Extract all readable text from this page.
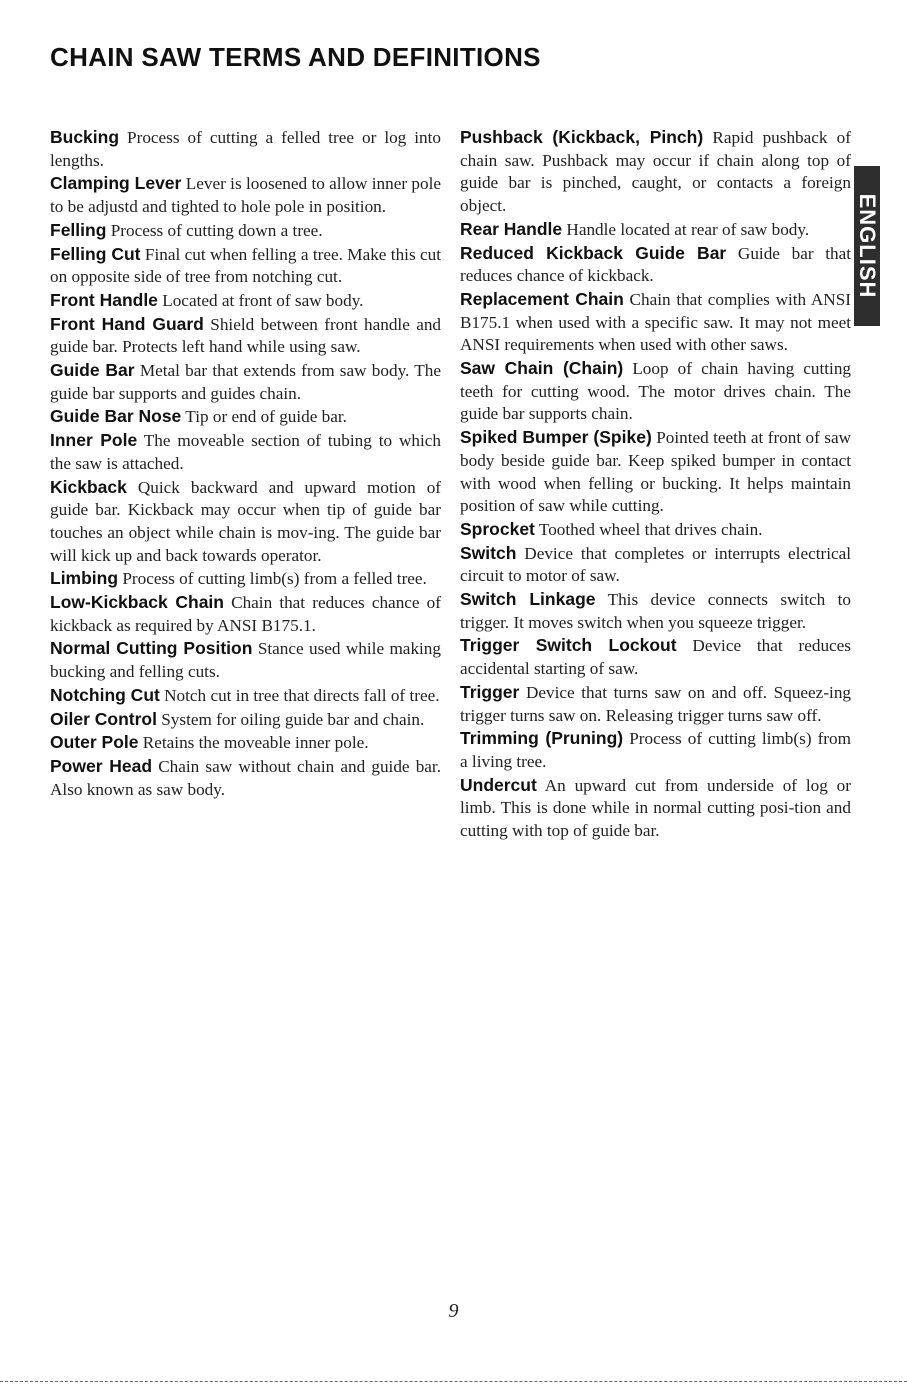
CHAIN SAW TERMS AND DEFINITIONS

Bucking Process of cutting a felled tree or log into lengths.

Clamping Lever Lever is loosened to allow inner pole to be adjustd and tighted to hole pole in position.

Felling Process of cutting down a tree.

Felling Cut Final cut when felling a tree. Make this cut on opposite side of tree from notching cut.

Front Handle Located at front of saw body.

Front Hand Guard Shield between front handle and guide bar. Protects left hand while using saw.

Guide Bar Metal bar that extends from saw body. The guide bar supports and guides chain.

Guide Bar Nose Tip or end of guide bar.

Inner Pole The moveable section of tubing to which the saw is attached.

Kickback Quick backward and upward motion of guide bar. Kickback may occur when tip of guide bar touches an object while chain is mov-ing. The guide bar will kick up and back towards operator.

Limbing Process of cutting limb(s) from a felled tree.

Low-Kickback Chain Chain that reduces chance of kickback as required by ANSI B175.1.

Normal Cutting Position Stance used while making bucking and felling cuts.

Notching Cut Notch cut in tree that directs fall of tree.

Oiler Control System for oiling guide bar and chain.

Outer Pole Retains the moveable inner pole.

Power Head Chain saw without chain and guide bar. Also known as saw body.

Pushback (Kickback, Pinch) Rapid pushback of chain saw. Pushback may occur if chain along top of guide bar is pinched, caught, or contacts a foreign object.

Rear Handle Handle located at rear of saw body.

Reduced Kickback Guide Bar Guide bar that reduces chance of kickback.

Replacement Chain Chain that complies with ANSI B175.1 when used with a specific saw. It may not meet ANSI requirements when used with other saws.

Saw Chain (Chain) Loop of chain having cutting teeth for cutting wood. The motor drives chain. The guide bar supports chain.

Spiked Bumper (Spike) Pointed teeth at front of saw body beside guide bar. Keep spiked bumper in contact with wood when felling or bucking. It helps maintain position of saw while cutting.

Sprocket Toothed wheel that drives chain.

Switch Device that completes or interrupts electrical circuit to motor of saw.

Switch Linkage This device connects switch to trigger. It moves switch when you squeeze trigger.

Trigger Switch Lockout Device that reduces accidental starting of saw.

Trigger Device that turns saw on and off. Squeez-ing trigger turns saw on. Releasing trigger turns saw off.

Trimming (Pruning) Process of cutting limb(s) from a living tree.

Undercut An upward cut from underside of log or limb. This is done while in normal cutting posi-tion and cutting with top of guide bar.

ENGLISH
9
